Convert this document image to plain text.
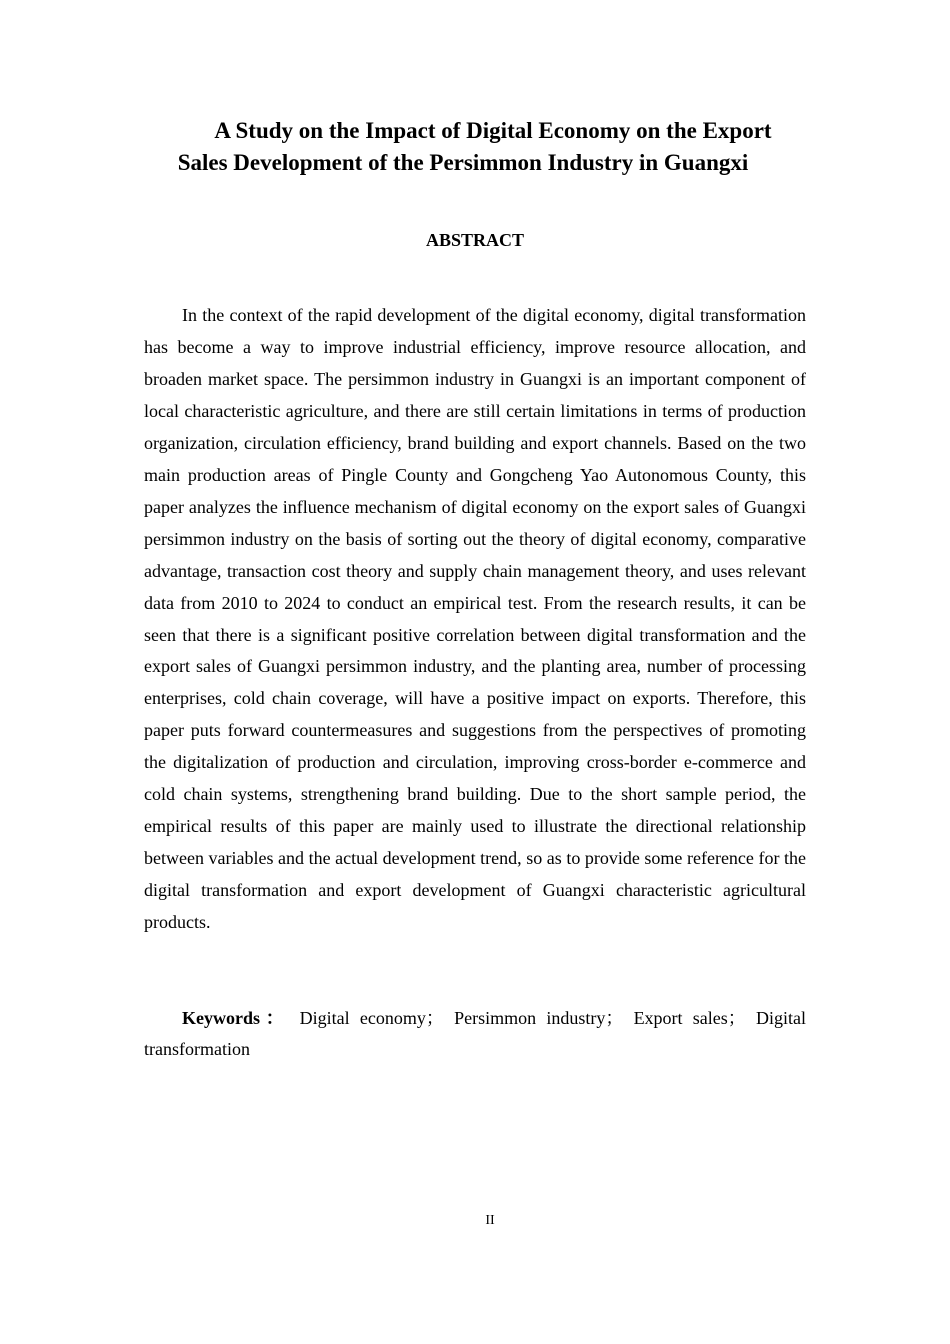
A Study on the Impact of Digital Economy on the Export
Sales Development of the Persimmon Industry in Guangxi
ABSTRACT

In the context of the rapid development of the digital economy, digital transformation has become a way to improve industrial efficiency, improve resource allocation, and broaden market space. The persimmon industry in Guangxi is an important component of local characteristic agriculture, and there are still certain limitations in terms of production organization, circulation efficiency, brand building and export channels. Based on the two main production areas of Pingle County and Gongcheng Yao Autonomous County, this paper analyzes the influence mechanism of digital economy on the export sales of Guangxi persimmon industry on the basis of sorting out the theory of digital economy, comparative advantage, transaction cost theory and supply chain management theory, and uses relevant data from 2010 to 2024 to conduct an empirical test. From the research results, it can be seen that there is a significant positive correlation between digital transformation and the export sales of Guangxi persimmon industry, and the planting area, number of processing enterprises, cold chain coverage, will have a positive impact on exports. Therefore, this paper puts forward countermeasures and suggestions from the perspectives of promoting the digitalization of production and circulation, improving cross-border e-commerce and cold chain systems, strengthening brand building. Due to the short sample period, the empirical results of this paper are mainly used to illustrate the directional relationship between variables and the actual development trend, so as to provide some reference for the digital transformation and export development of Guangxi characteristic agricultural products.

Keywords： Digital economy； Persimmon industry； Export sales； Digital transformation

II
